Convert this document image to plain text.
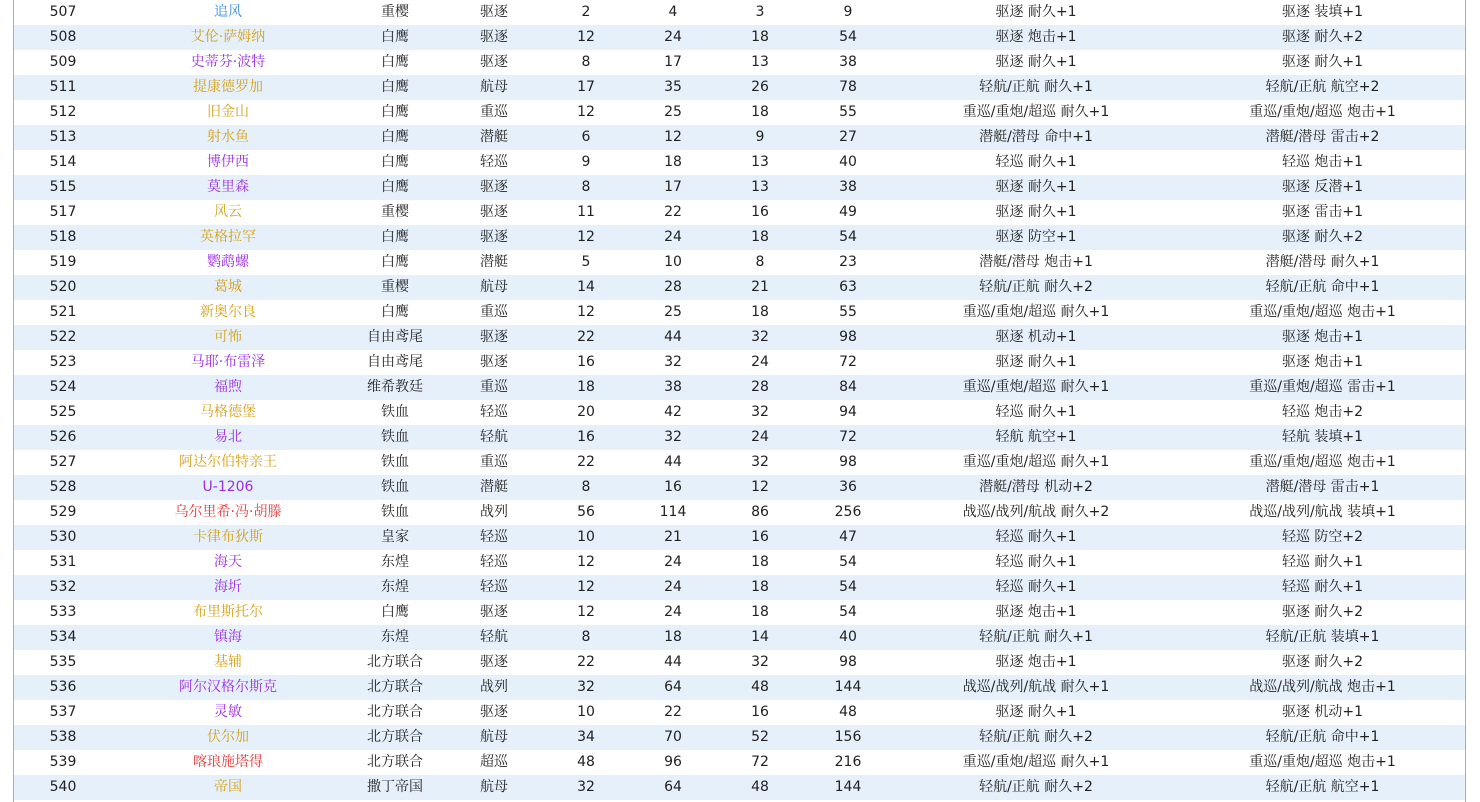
507	追风	重樱	驱逐	2	4	3	9	驱逐 耐久+1	驱逐 装填+1
508	艾伦·萨姆纳	白鹰	驱逐	12	24	18	54	驱逐 炮击+1	驱逐 耐久+2
509	史蒂芬·波特	白鹰	驱逐	8	17	13	38	驱逐 耐久+1	驱逐 耐久+1
511	提康德罗加	白鹰	航母	17	35	26	78	轻航/正航 耐久+1	轻航/正航 航空+2
512	旧金山	白鹰	重巡	12	25	18	55	重巡/重炮/超巡 耐久+1	重巡/重炮/超巡 炮击+1
513	射水鱼	白鹰	潜艇	6	12	9	27	潜艇/潜母 命中+1	潜艇/潜母 雷击+2
514	博伊西	白鹰	轻巡	9	18	13	40	轻巡 耐久+1	轻巡 炮击+1
515	莫里森	白鹰	驱逐	8	17	13	38	驱逐 耐久+1	驱逐 反潜+1
517	风云	重樱	驱逐	11	22	16	49	驱逐 耐久+1	驱逐 雷击+1
518	英格拉罕	白鹰	驱逐	12	24	18	54	驱逐 防空+1	驱逐 耐久+2
519	鹦鹉螺	白鹰	潜艇	5	10	8	23	潜艇/潜母 炮击+1	潜艇/潜母 耐久+1
520	葛城	重樱	航母	14	28	21	63	轻航/正航 耐久+2	轻航/正航 命中+1
521	新奥尔良	白鹰	重巡	12	25	18	55	重巡/重炮/超巡 耐久+1	重巡/重炮/超巡 炮击+1
522	可怖	自由鸢尾	驱逐	22	44	32	98	驱逐 机动+1	驱逐 炮击+1
523	马耶·布雷泽	自由鸢尾	驱逐	16	32	24	72	驱逐 耐久+1	驱逐 炮击+1
524	福煦	维希教廷	重巡	18	38	28	84	重巡/重炮/超巡 耐久+1	重巡/重炮/超巡 雷击+1
525	马格德堡	铁血	轻巡	20	42	32	94	轻巡 耐久+1	轻巡 炮击+2
526	易北	铁血	轻航	16	32	24	72	轻航 航空+1	轻航 装填+1
527	阿达尔伯特亲王	铁血	重巡	22	44	32	98	重巡/重炮/超巡 耐久+1	重巡/重炮/超巡 炮击+1
528	U-1206	铁血	潜艇	8	16	12	36	潜艇/潜母 机动+2	潜艇/潜母 雷击+1
529	乌尔里希·冯·胡滕	铁血	战列	56	114	86	256	战巡/战列/航战 耐久+2	战巡/战列/航战 装填+1
530	卡律布狄斯	皇家	轻巡	10	21	16	47	轻巡 耐久+1	轻巡 防空+2
531	海天	东煌	轻巡	12	24	18	54	轻巡 耐久+1	轻巡 耐久+1
532	海圻	东煌	轻巡	12	24	18	54	轻巡 耐久+1	轻巡 耐久+1
533	布里斯托尔	白鹰	驱逐	12	24	18	54	驱逐 炮击+1	驱逐 耐久+2
534	镇海	东煌	轻航	8	18	14	40	轻航/正航 耐久+1	轻航/正航 装填+1
535	基辅	北方联合	驱逐	22	44	32	98	驱逐 炮击+1	驱逐 耐久+2
536	阿尔汉格尔斯克	北方联合	战列	32	64	48	144	战巡/战列/航战 耐久+1	战巡/战列/航战 炮击+1
537	灵敏	北方联合	驱逐	10	22	16	48	驱逐 耐久+1	驱逐 机动+1
538	伏尔加	北方联合	航母	34	70	52	156	轻航/正航 耐久+2	轻航/正航 命中+1
539	喀琅施塔得	北方联合	超巡	48	96	72	216	重巡/重炮/超巡 耐久+1	重巡/重炮/超巡 炮击+1
540	帝国	撒丁帝国	航母	32	64	48	144	轻航/正航 耐久+2	轻航/正航 航空+1
